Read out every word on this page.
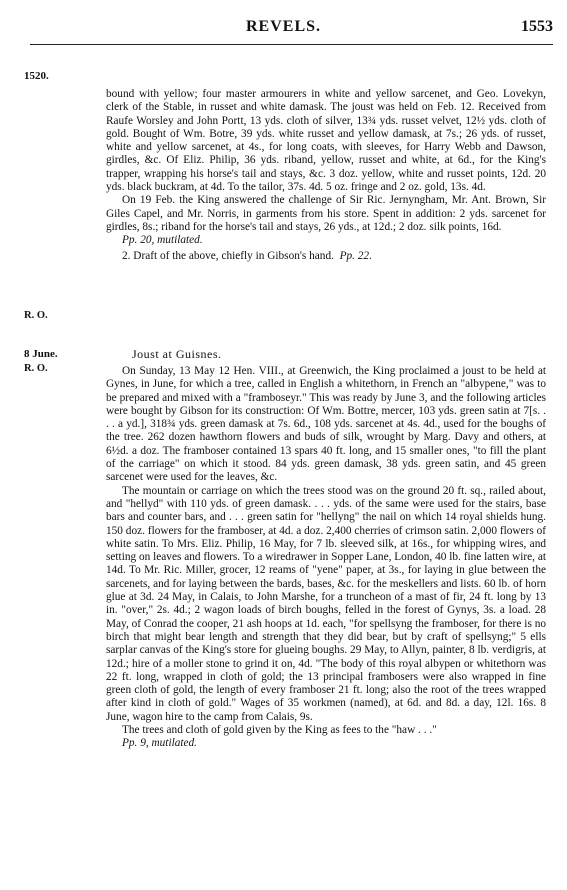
REVELS.	1553
1520.
R. O.
8 June.
R. O.

bound with yellow; four master armourers in white and yellow sarcenet, and Geo. Lovekyn, clerk of the Stable, in russet and white damask. The joust was held on Feb. 12. Received from Raufe Worsley and John Portt, 13 yds. cloth of silver, 13¾ yds. russet velvet, 12½ yds. cloth of gold. Bought of Wm. Botre, 39 yds. white russet and yellow damask, at 7s.; 26 yds. of russet, white and yellow sarcenet, at 4s., for long coats, with sleeves, for Harry Webb and Dawson, girdles, &c. Of Eliz. Philip, 36 yds. riband, yellow, russet and white, at 6d., for the King's trapper, wrapping his horse's tail and stays, &c. 3 doz. yellow, white and russet points, 12d. 20 yds. black buckram, at 4d. To the tailor, 37s. 4d. 5 oz. fringe and 2 oz. gold, 13s. 4d.

On 19 Feb. the King answered the challenge of Sir Ric. Jernyngham, Mr. Ant. Brown, Sir Giles Capel, and Mr. Norris, in garments from his store. Spent in addition: 2 yds. sarcenet for girdles, 8s.; riband for the horse's tail and stays, 26 yds., at 12d.; 2 doz. silk points, 16d.

Pp. 20, mutilated.

2. Draft of the above, chiefly in Gibson's hand. Pp. 22.

Joust at Guisnes.

On Sunday, 13 May 12 Hen. VIII., at Greenwich, the King proclaimed a joust to be held at Gynes, in June, for which a tree, called in English a whitethorn, in French an "albypene," was to be prepared and mixed with a "framboseyr." This was ready by June 3, and the following articles were bought by Gibson for its construction: Of Wm. Bottre, mercer, 103 yds. green satin at 7[s. . . . a yd.], 318¾ yds. green damask at 7s. 6d., 108 yds. sarcenet at 4s. 4d., used for the boughs of the tree. 262 dozen hawthorn flowers and buds of silk, wrought by Marg. Davy and others, at 6½d. a doz. The framboser contained 13 spars 40 ft. long, and 15 smaller ones, "to fill the plant of the carriage" on which it stood. 84 yds. green damask, 38 yds. green satin, and 45 green sarcenet were used for the leaves, &c.

The mountain or carriage on which the trees stood was on the ground 20 ft. sq., railed about, and "hellyd" with 110 yds. of green damask. . . . yds. of the same were used for the stairs, base bars and counter bars, and . . . green satin for "hellyng" the nail on which 14 royal shields hung. 150 doz. flowers for the framboser, at 4d. a doz. 2,400 cherries of crimson satin. 2,000 flowers of white satin. To Mrs. Eliz. Philip, 16 May, for 7 lb. sleeved silk, at 16s., for whipping wires, and setting on leaves and flowers. To a wiredrawer in Sopper Lane, London, 40 lb. fine latten wire, at 14d. To Mr. Ric. Miller, grocer, 12 reams of "yene" paper, at 3s., for laying in glue between the sarcenets, and for laying between the bards, bases, &c. for the meskellers and lists. 60 lb. of horn glue at 3d. 24 May, in Calais, to John Marshe, for a truncheon of a mast of fir, 24 ft. long by 13 in. "over," 2s. 4d.; 2 wagon loads of birch boughs, felled in the forest of Gynys, 3s. a load. 28 May, of Conrad the cooper, 21 ash hoops at 1d. each, "for spellsyng the framboser, for there is no birch that might bear length and strength that they did bear, but by craft of spellsyng;" 5 ells sarplar canvas of the King's store for glueing boughs. 29 May, to Allyn, painter, 8 lb. verdigris, at 12d.; hire of a moller stone to grind it on, 4d. "The body of this royal albypen or whitethorn was 22 ft. long, wrapped in cloth of gold; the 13 principal frambosers were also wrapped in fine green cloth of gold, the length of every framboser 21 ft. long; also the root of the trees wrapped after kind in cloth of gold." Wages of 35 workmen (named), at 6d. and 8d. a day, 12l. 16s. 8 June, wagon hire to the camp from Calais, 9s.

The trees and cloth of gold given by the King as fees to the "haw . . ."

Pp. 9, mutilated.
